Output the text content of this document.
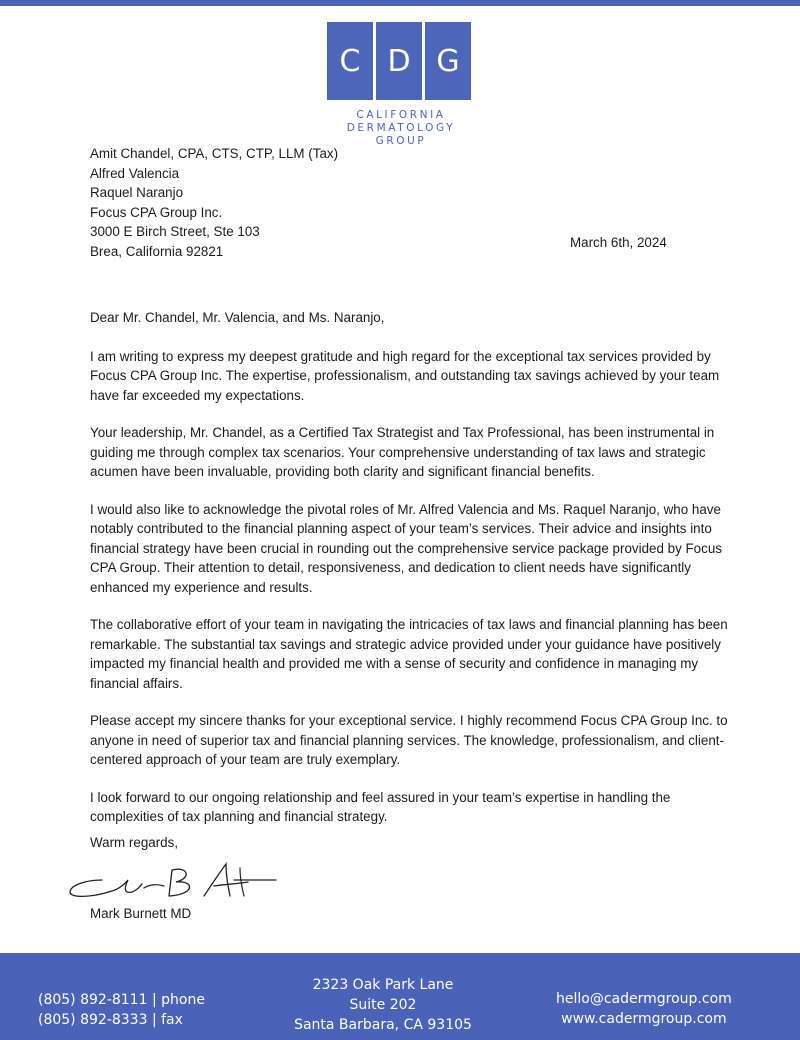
C D G
CALIFORNIA
DERMATOLOGY
GROUP
Amit Chandel, CPA, CTS, CTP, LLM (Tax)
Alfred Valencia
Raquel Naranjo
Focus CPA Group Inc.
3000 E Birch Street, Ste 103
Brea, California 92821
March 6th, 2024

Dear Mr. Chandel, Mr. Valencia, and Ms. Naranjo,

I am writing to express my deepest gratitude and high regard for the exceptional tax services provided by Focus CPA Group Inc. The expertise, professionalism, and outstanding tax savings achieved by your team have far exceeded my expectations.

Your leadership, Mr. Chandel, as a Certified Tax Strategist and Tax Professional, has been instrumental in guiding me through complex tax scenarios. Your comprehensive understanding of tax laws and strategic acumen have been invaluable, providing both clarity and significant financial benefits.

I would also like to acknowledge the pivotal roles of Mr. Alfred Valencia and Ms. Raquel Naranjo, who have notably contributed to the financial planning aspect of your team’s services. Their advice and insights into financial strategy have been crucial in rounding out the comprehensive service package provided by Focus CPA Group. Their attention to detail, responsiveness, and dedication to client needs have significantly enhanced my experience and results.

The collaborative effort of your team in navigating the intricacies of tax laws and financial planning has been remarkable. The substantial tax savings and strategic advice provided under your guidance have positively impacted my financial health and provided me with a sense of security and confidence in managing my financial affairs.

Please accept my sincere thanks for your exceptional service. I highly recommend Focus CPA Group Inc. to anyone in need of superior tax and financial planning services. The knowledge, professionalism, and client-centered approach of your team are truly exemplary.

I look forward to our ongoing relationship and feel assured in your team’s expertise in handling the complexities of tax planning and financial strategy.

Warm regards,
Mark Burnett MD
(805) 892-8111 | phone
(805) 892-8333 | fax
2323 Oak Park Lane
Suite 202
Santa Barbara, CA 93105
hello@cadermgroup.com
www.cadermgroup.com
